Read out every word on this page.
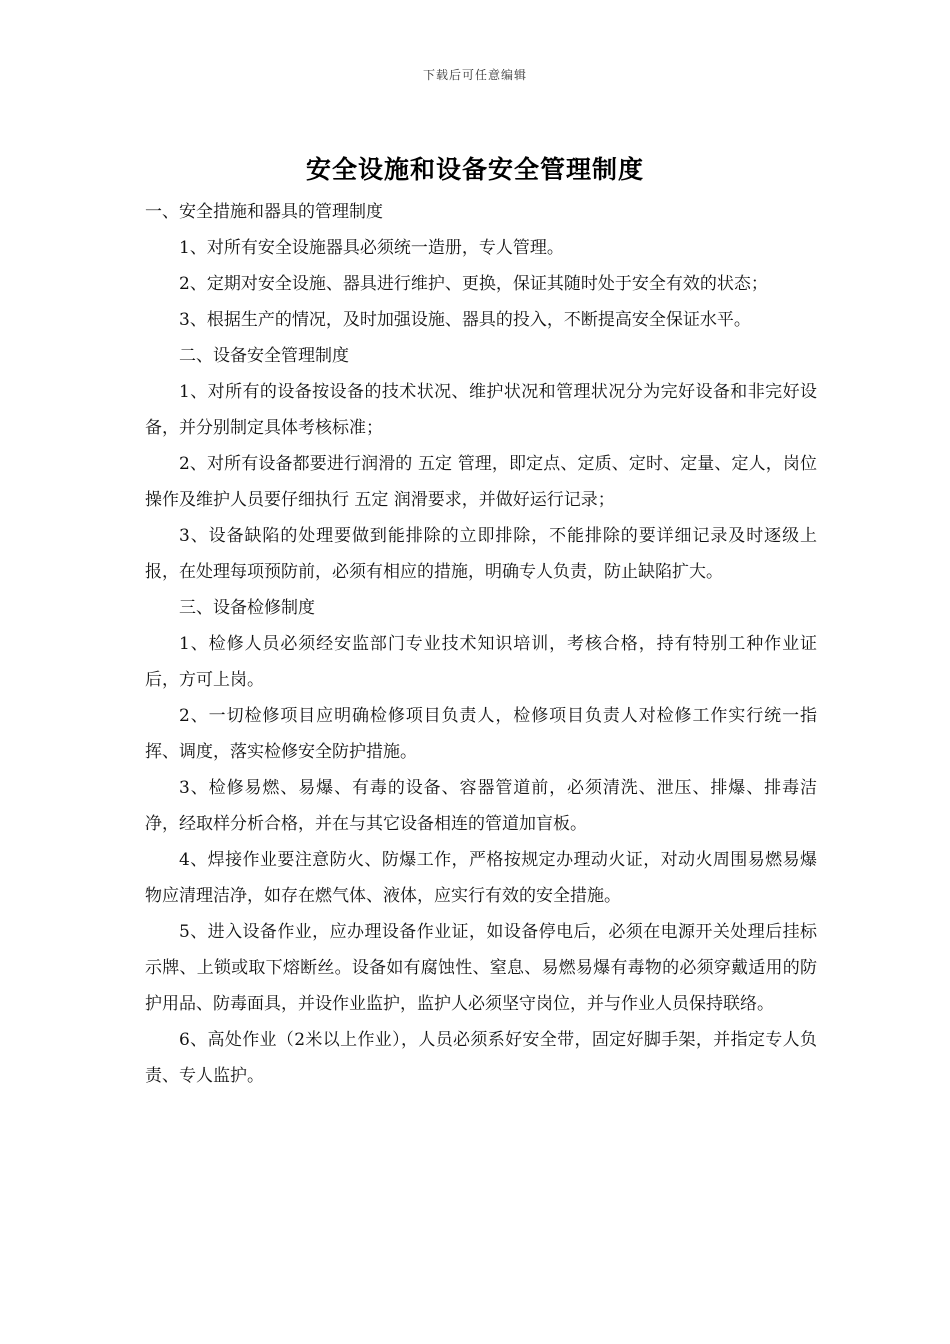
下载后可任意编辑
安全设施和设备安全管理制度

一、安全措施和器具的管理制度

1、对所有安全设施器具必须统一造册，专人管理。

2、定期对安全设施、器具进行维护、更换，保证其随时处于安全有效的状态；

3、根据生产的情况，及时加强设施、器具的投入，不断提高安全保证水平。

二、设备安全管理制度

1、对所有的设备按设备的技术状况、维护状况和管理状况分为完好设备和非完好设备，并分别制定具体考核标准；

2、对所有设备都要进行润滑的 五定 管理，即定点、定质、定时、定量、定人，岗位操作及维护人员要仔细执行 五定 润滑要求，并做好运行记录；

3、设备缺陷的处理要做到能排除的立即排除，不能排除的要详细记录及时逐级上报，在处理每项预防前，必须有相应的措施，明确专人负责，防止缺陷扩大。

三、设备检修制度

1、检修人员必须经安监部门专业技术知识培训，考核合格，持有特别工种作业证后，方可上岗。

2、一切检修项目应明确检修项目负责人，检修项目负责人对检修工作实行统一指挥、调度，落实检修安全防护措施。

3、检修易燃、易爆、有毒的设备、容器管道前，必须清洗、泄压、排爆、排毒洁净，经取样分析合格，并在与其它设备相连的管道加盲板。

4、焊接作业要注意防火、防爆工作，严格按规定办理动火证，对动火周围易燃易爆物应清理洁净，如存在燃气体、液体，应实行有效的安全措施。

5、进入设备作业，应办理设备作业证，如设备停电后，必须在电源开关处理后挂标示牌、上锁或取下熔断丝。设备如有腐蚀性、窒息、易燃易爆有毒物的必须穿戴适用的防护用品、防毒面具，并设作业监护，监护人必须坚守岗位，并与作业人员保持联络。

6、高处作业（2米以上作业），人员必须系好安全带，固定好脚手架，并指定专人负责、专人监护。
